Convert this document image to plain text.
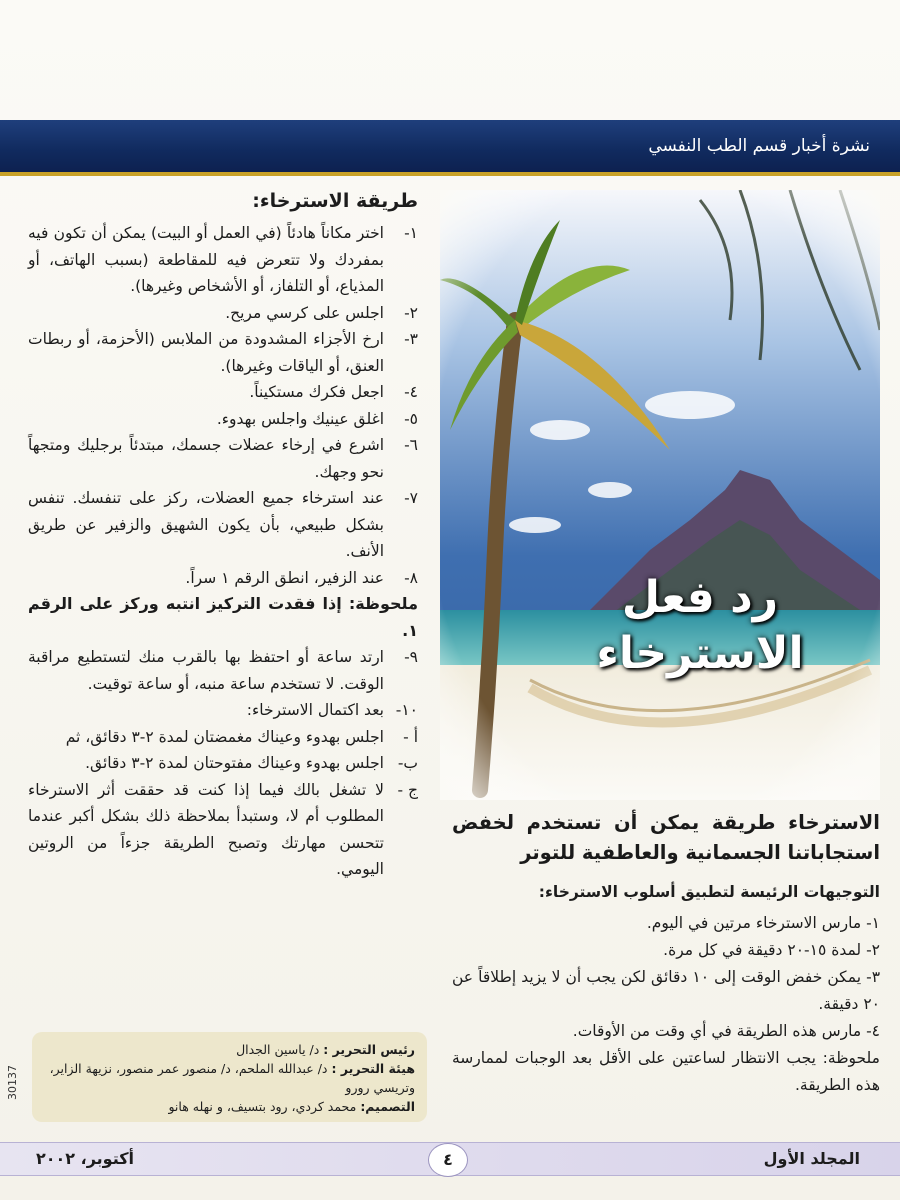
نشرة أخبار قسم الطب النفسي
طريقة الاسترخاء:
١-
اختر مكاناً هادئاً (في العمل أو البيت) يمكن أن تكون فيه بمفردك ولا تتعرض فيه للمقاطعة (بسبب الهاتف، أو المذياع، أو التلفاز، أو الأشخاص وغيرها).
٢-
اجلس على كرسي مريح.
٣-
ارخ الأجزاء المشدودة من الملابس (الأحزمة، أو ربطات العنق، أو الياقات وغيرها).
٤-
اجعل فكرك مستكيناً.
٥-
اغلق عينيك واجلس بهدوء.
٦-
اشرع في إرخاء عضلات جسمك، مبتدئاً برجليك ومتجهاً نحو وجهك.
٧-
عند استرخاء جميع العضلات، ركز على تنفسك. تنفس بشكل طبيعي، بأن يكون الشهيق والزفير عن طريق الأنف.
٨-
عند الزفير، انطق الرقم ١ سراً.
ملحوظة: إذا فقدت التركيز انتبه وركز على الرقم ١.
٩-
ارتد ساعة أو احتفظ بها بالقرب منك لتستطيع مراقبة الوقت. لا تستخدم ساعة منبه، أو ساعة توقيت.
١٠-
بعد اكتمال الاسترخاء:
أ -
اجلس بهدوء وعيناك مغمضتان لمدة ٢-٣ دقائق، ثم
ب-
اجلس بهدوء وعيناك مفتوحتان لمدة ٢-٣ دقائق.
ج -
لا تشغل بالك فيما إذا كنت قد حققت أثر الاسترخاء المطلوب أم لا، وستبدأ بملاحظة ذلك بشكل أكبر عندما تتحسن مهارتك وتصبح الطريقة جزءاً من الروتين اليومي.
رد فعل
الاسترخاء
الاسترخاء طريقة يمكن أن تستخدم لخفض استجاباتنا الجسمانية والعاطفية للتوتر
التوجيهات الرئيسة لتطبيق أسلوب الاسترخاء:
١- مارس الاسترخاء مرتين في اليوم.
٢- لمدة ١٥-٢٠ دقيقة في كل مرة.
٣- يمكن خفض الوقت إلى ١٠ دقائق لكن يجب أن لا يزيد إطلاقاً عن ٢٠ دقيقة.
٤- مارس هذه الطريقة في أي وقت من الأوقات.
ملحوظة: يجب الانتظار لساعتين على الأقل بعد الوجبات لممارسة هذه الطريقة.
رئيس التحرير : د/ ياسين الجدال
هيئة التحرير : د/ عبدالله الملحم، د/ منصور عمر منصور، نزيهة الزاير، وتريسي رورو
التصميم: محمد كردي، رود بتسيف، و نهله هانو
30137
المجلد الأول
٤
أكتوبر، ٢٠٠٢
